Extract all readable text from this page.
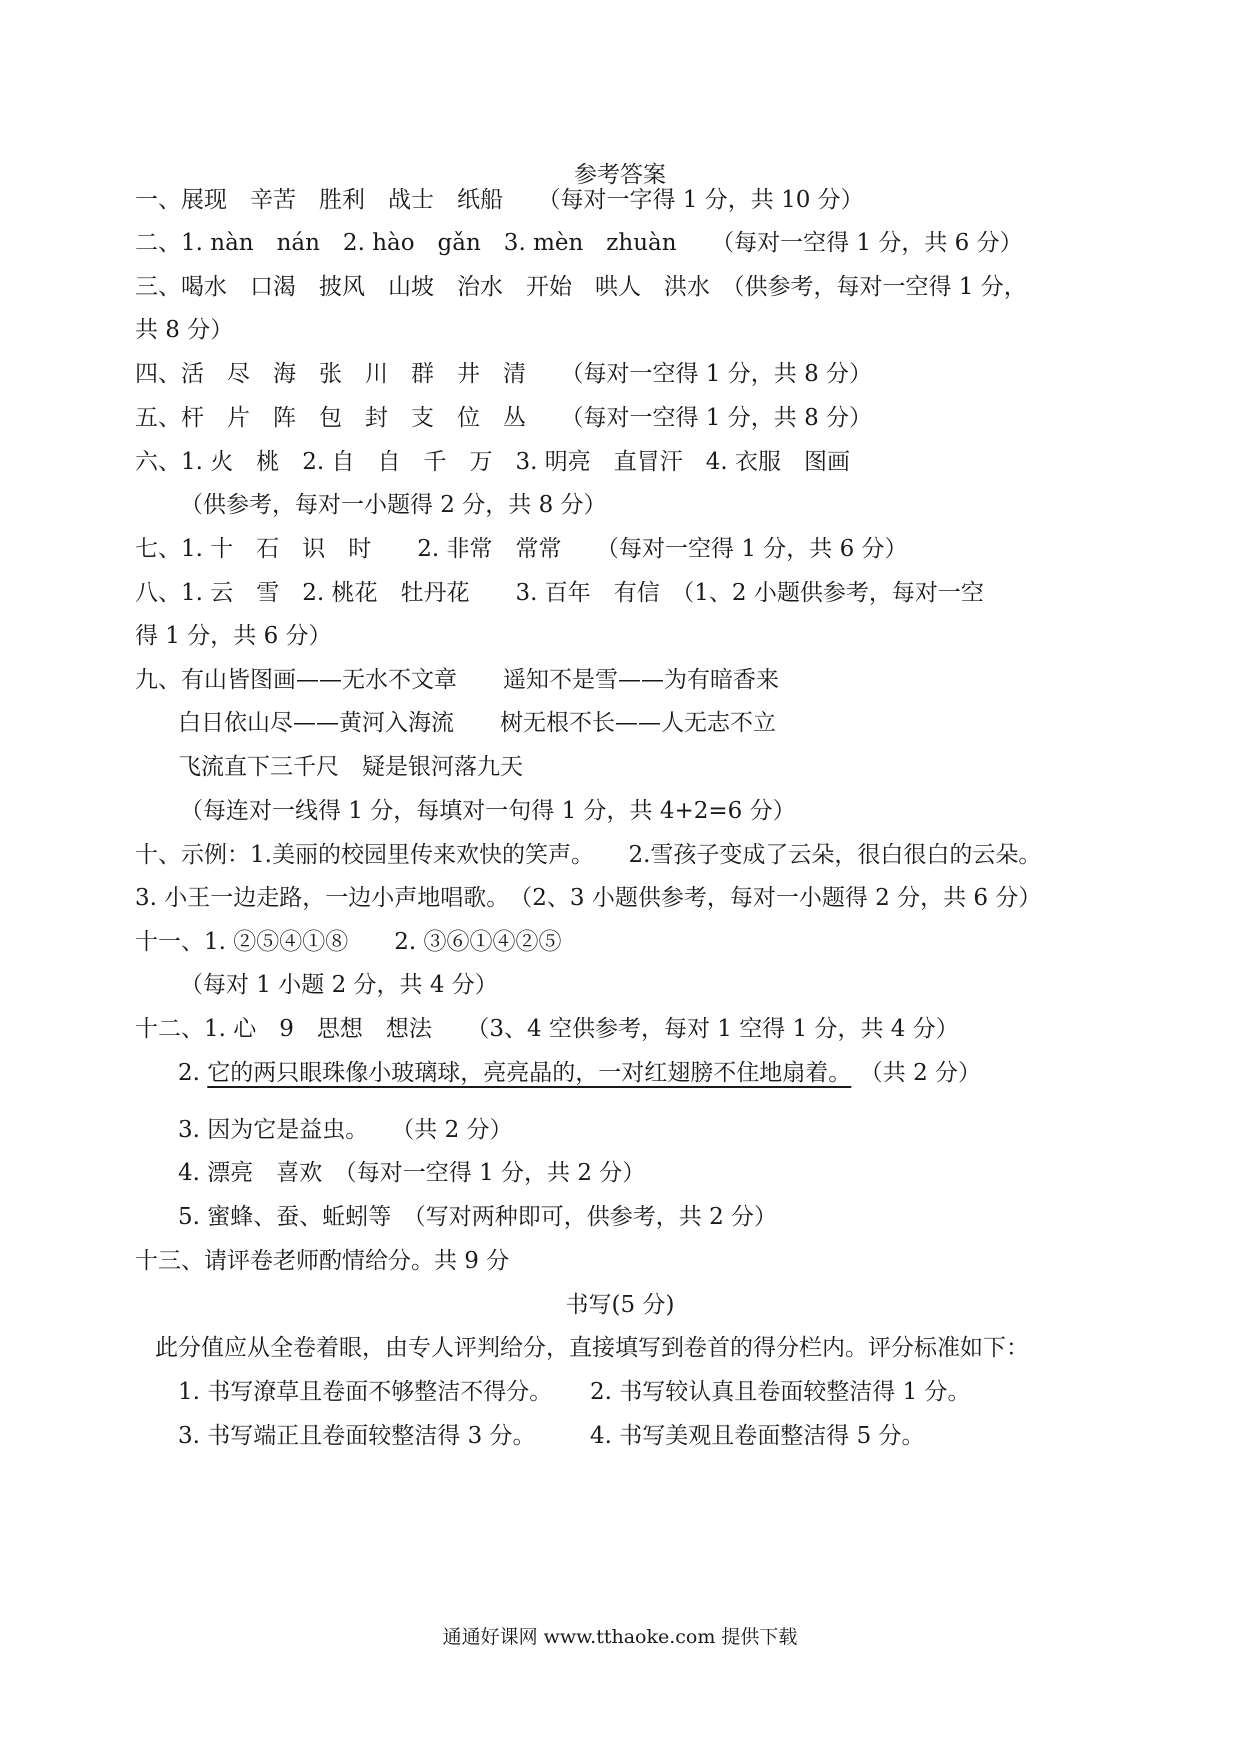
参考答案
一、展现　辛苦　胜利　战士　纸船　　（每对一字得 1 分，共 10 分）
二、1. nàn　nán　2. hào　gǎn　3. mèn　zhuàn　　（每对一空得 1 分，共 6 分）
三、喝水　口渴　披风　山坡　治水　开始　哄人　洪水　（供参考，每对一空得 1 分，
共 8 分）
四、活　尽　海　张　川　群　井　清　　（每对一空得 1 分，共 8 分）
五、杆　片　阵　包　封　支　位　丛　　（每对一空得 1 分，共 8 分）
六、1. 火　桃　2. 自　自　千　万　3. 明亮　直冒汗　4. 衣服　图画
（供参考，每对一小题得 2 分，共 8 分）
七、1. 十　石　识　时　　2. 非常　常常　　（每对一空得 1 分，共 6 分）
八、1. 云　雪　2. 桃花　牡丹花　　3. 百年　有信　（1、2 小题供参考，每对一空
得 1 分，共 6 分）
九、有山皆图画——无水不文章　　遥知不是雪——为有暗香来
白日依山尽——黄河入海流　　树无根不长——人无志不立
飞流直下三千尺　疑是银河落九天
（每连对一线得 1 分，每填对一句得 1 分，共 4+2=6 分）
十、示例：1.美丽的校园里传来欢快的笑声。　　2.雪孩子变成了云朵，很白很白的云朵。
3. 小王一边走路，一边小声地唱歌。　（2、3 小题供参考，每对一小题得 2 分，共 6 分）
十一、1. ②⑤④①⑧　　2. ③⑥①④②⑤
（每对 1 小题 2 分，共 4 分）
十二、1. 心　9　思想　想法　　（3、4 空供参考，每对 1 空得 1 分，共 4 分）
2. 它的两只眼珠像小玻璃球，亮亮晶的，一对红翅膀不住地扇着。 （共 2 分）
3. 因为它是益虫。　　（共 2 分）
4. 漂亮　喜欢　（每对一空得 1 分，共 2 分）
5. 蜜蜂、蚕、蚯蚓等　（写对两种即可，供参考，共 2 分）
十三、请评卷老师酌情给分。共 9 分
书写(5 分)
此分值应从全卷着眼，由专人评判给分，直接填写到卷首的得分栏内。评分标准如下：
1. 书写潦草且卷面不够整洁不得分。 2. 书写较认真且卷面较整洁得 1 分。
3. 书写端正且卷面较整洁得 3 分。 4. 书写美观且卷面整洁得 5 分。
通通好课网 www.tthaoke.com 提供下载
